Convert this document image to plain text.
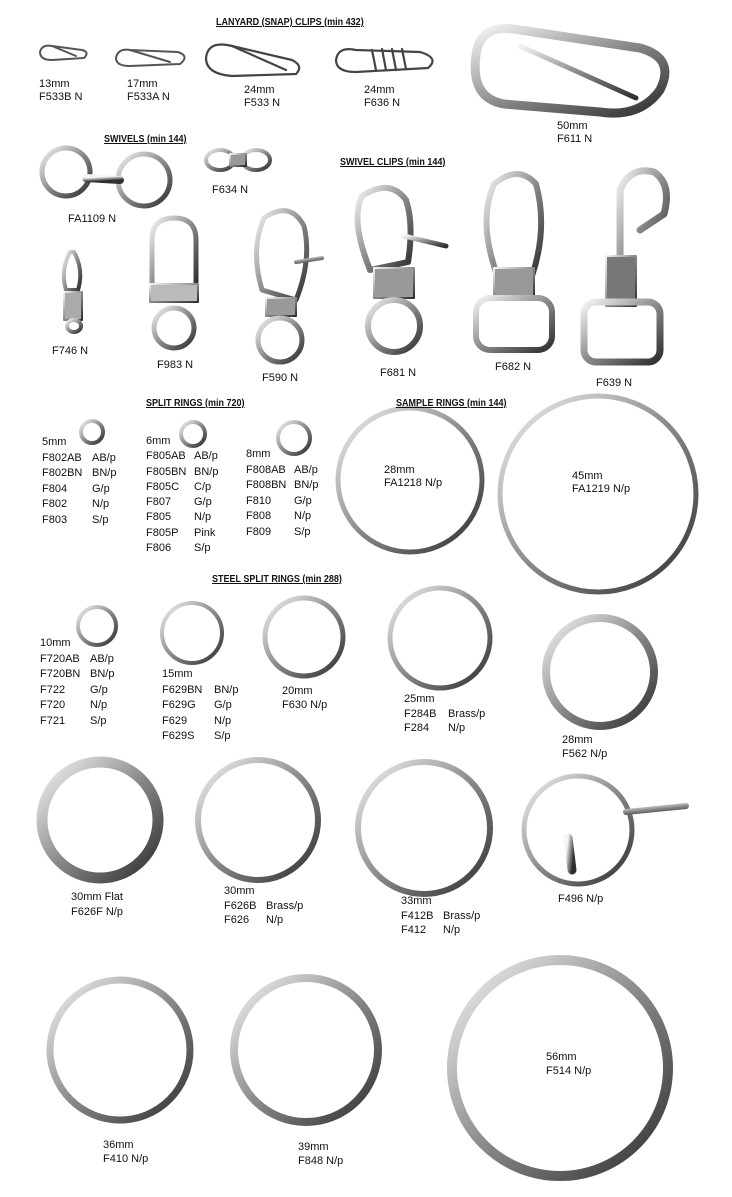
LANYARD (SNAP) CLIPS (min 432)
SWIVELS (min 144)
SWIVEL CLIPS (min 144)
SPLIT RINGS (min 720)	SAMPLE RINGS (min 144)
STEEL SPLIT RINGS (min 288)
13mm
F533B N
17mm
F533A N
24mm
F533 N
24mm
F636 N
50mm
F611 N
FA1109 N
F634 N
F746 N
F983 N
F590 N	F681 N	F682 N
F639 N
5mm
F802AB AB/p
F802BN BN/p
F804	G/p
F802	N/p
F803	S/p
6mm
F805AB AB/p
F805BN BN/p
F805C	C/p
F807	G/p
F805	N/p
F805P	Pink
F806	S/p
8mm
F808AB AB/p
F808BN BN/p
F810	G/p
F808	N/p
F809	S/p
28mm
FA1218 N/p
45mm
FA1219 N/p
10mm
F720AB AB/p
F720BN BN/p
F722	G/p
F720	N/p
F721	S/p
15mm
F629BN	BN/p
F629G	G/p
F629	N/p
F629S	S/p
20mm
F630 N/p	25mm
F284B	Brass/p
F284	N/p
28mm
F562 N/p
30mm Flat
F626F N/p
30mm
F626B Brass/p
F626	N/p
33mm
F412B Brass/p
F412	N/p
F496 N/p
36mm
F410 N/p
39mm
F848 N/p
56mm
F514 N/p
